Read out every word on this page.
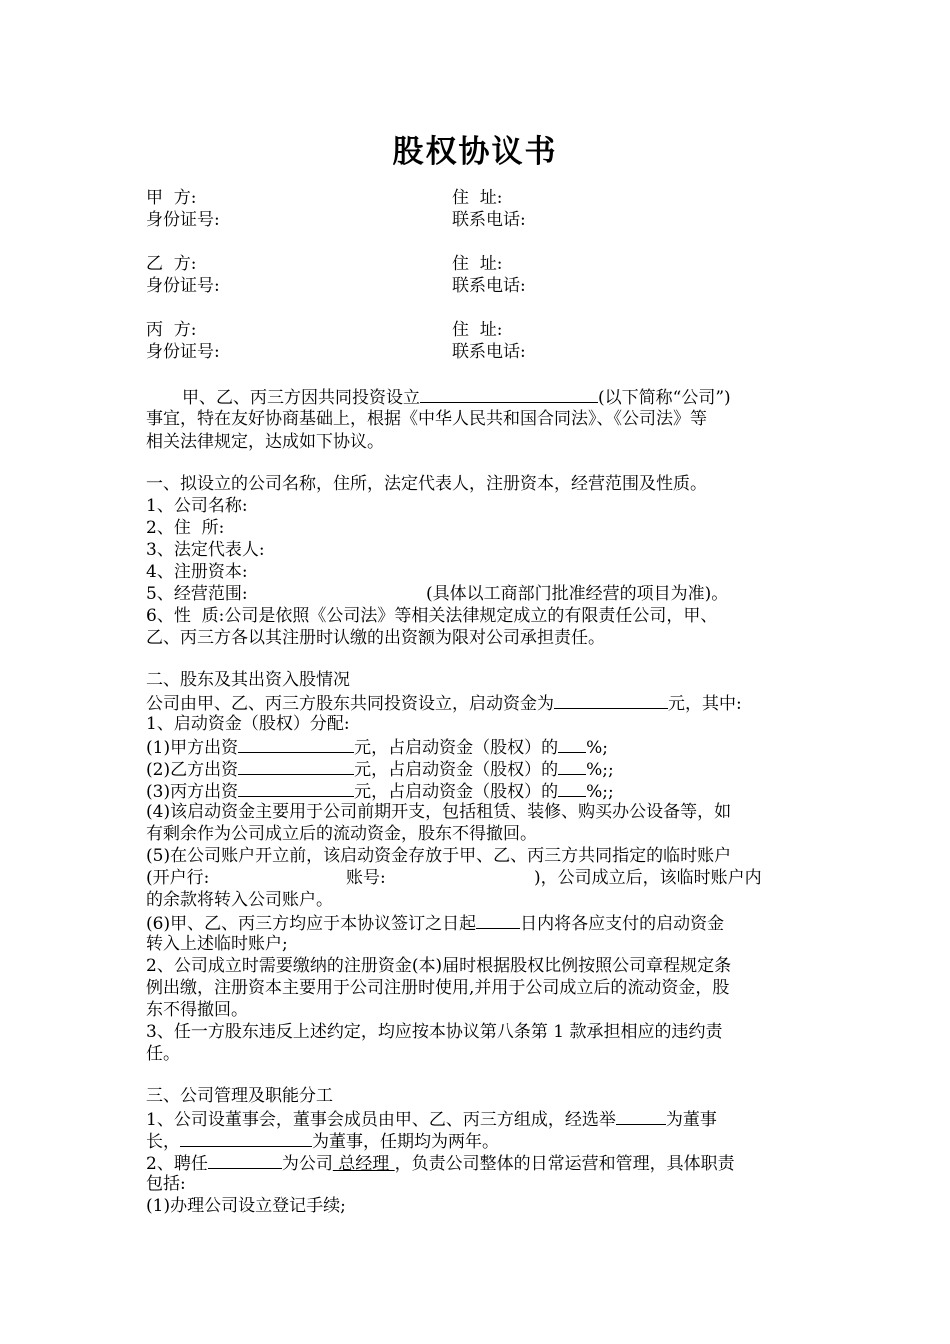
股权协议书
甲  方:	住  址:
身份证号:	联系电话:
乙  方:	住  址:
身份证号:	联系电话:
丙  方:	住  址:
身份证号:	联系电话:
甲、乙、丙三方因共同投资设立	(以下简称“公司”)
事宜，特在友好协商基础上，根据《中华人民共和国合同法》、《公司法》等
相关法律规定，达成如下协议。
一、拟设立的公司名称，住所，法定代表人，注册资本，经营范围及性质。
1、公司名称:
2、住  所:
3、法定代表人:
4、注册资本:
5、经营范围:	(具体以工商部门批准经营的项目为准)。
6、性  质:公司是依照《公司法》等相关法律规定成立的有限责任公司，甲、
乙、丙三方各以其注册时认缴的出资额为限对公司承担责任。
二、股东及其出资入股情况
公司由甲、乙、丙三方股东共同投资设立，启动资金为	元，其中:
1、启动资金（股权）分配:
(1)甲方出资	元，占启动资金（股权）的 %;
(2)乙方出资	元，占启动资金（股权）的 %;;
(3)丙方出资	元，占启动资金（股权）的 %;;
(4)该启动资金主要用于公司前期开支，包括租赁、装修、购买办公设备等，如
有剩余作为公司成立后的流动资金，股东不得撤回。
(5)在公司账户开立前，该启动资金存放于甲、乙、丙三方共同指定的临时账户
(开户行:	账号:	)，公司成立后，该临时账户内
的余款将转入公司账户。
(6)甲、乙、丙三方均应于本协议签订之日起	日内将各应支付的启动资金
转入上述临时账户;
2、公司成立时需要缴纳的注册资金(本)届时根据股权比例按照公司章程规定条
例出缴，注册资本主要用于公司注册时使用,并用于公司成立后的流动资金，股
东不得撤回。
3、任一方股东违反上述约定，均应按本协议第八条第 1 款承担相应的违约责
任。
三、公司管理及职能分工
1、公司设董事会，董事会成员由甲、乙、丙三方组成，经选举	为董事
长，	为董事，任期均为两年。
2、聘任	为公司 总经理 ，负责公司整体的日常运营和管理，具体职责
包括:
(1)办理公司设立登记手续;
